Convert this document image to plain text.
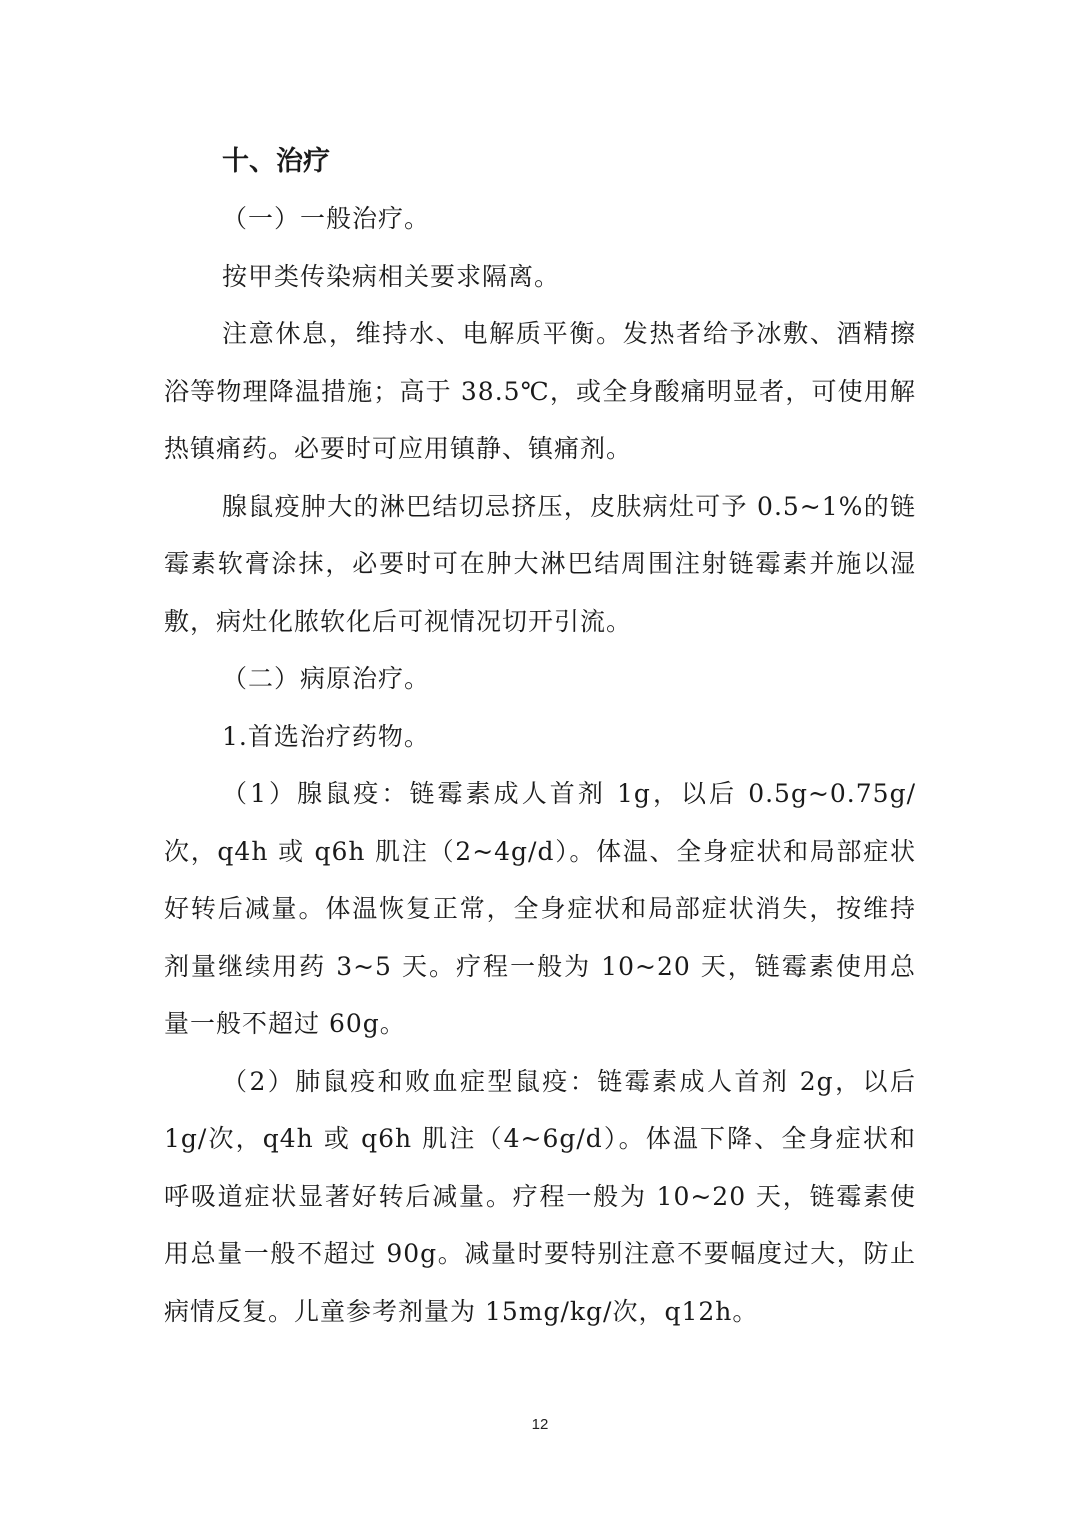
十、治疗

（一）一般治疗。

按甲类传染病相关要求隔离。

注意休息，维持水、电解质平衡。发热者给予冰敷、酒精擦浴等物理降温措施；高于 38.5℃，或全身酸痛明显者，可使用解热镇痛药。必要时可应用镇静、镇痛剂。

腺鼠疫肿大的淋巴结切忌挤压，皮肤病灶可予 0.5~1%的链霉素软膏涂抹，必要时可在肿大淋巴结周围注射链霉素并施以湿敷，病灶化脓软化后可视情况切开引流。

（二）病原治疗。

1.首选治疗药物。

（1）腺鼠疫：链霉素成人首剂 1g，以后 0.5g~0.75g/次，q4h 或 q6h 肌注（2~4g/d）。体温、全身症状和局部症状好转后减量。体温恢复正常，全身症状和局部症状消失，按维持剂量继续用药 3~5 天。疗程一般为 10~20 天，链霉素使用总量一般不超过 60g。

（2）肺鼠疫和败血症型鼠疫：链霉素成人首剂 2g，以后 1g/次，q4h 或 q6h 肌注（4~6g/d）。体温下降、全身症状和呼吸道症状显著好转后减量。疗程一般为 10~20 天，链霉素使用总量一般不超过 90g。减量时要特别注意不要幅度过大，防止病情反复。儿童参考剂量为 15mg/kg/次，q12h。

12
